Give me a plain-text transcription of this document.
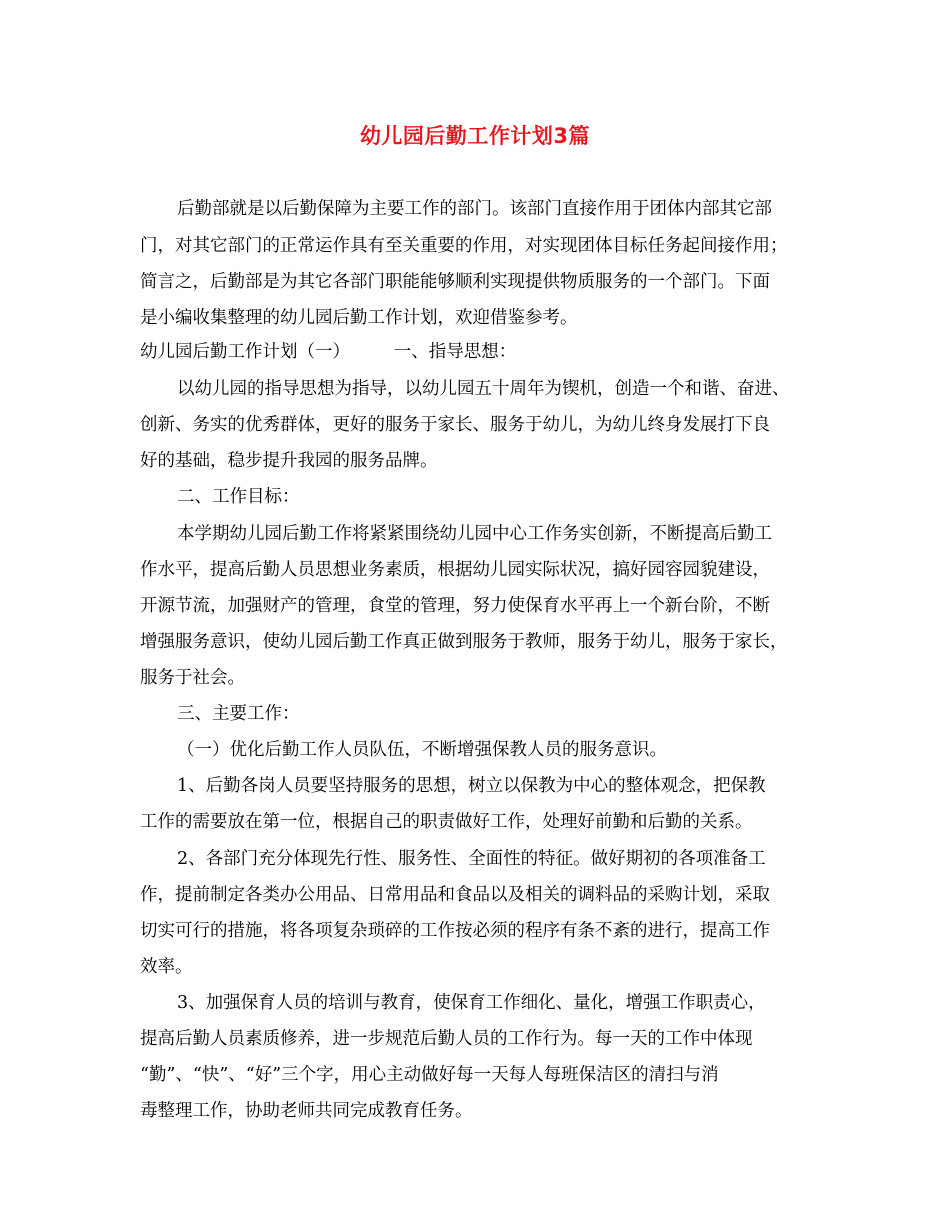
幼儿园后勤工作计划3篇
后勤部就是以后勤保障为主要工作的部门。该部门直接作用于团体内部其它部
门，对其它部门的正常运作具有至关重要的作用，对实现团体目标任务起间接作用；
简言之，后勤部是为其它各部门职能能够顺利实现提供物质服务的一个部门。下面
是小编收集整理的幼儿园后勤工作计划，欢迎借鉴参考。
幼儿园后勤工作计划（一）　　　一、指导思想：
以幼儿园的指导思想为指导，以幼儿园五十周年为锲机，创造一个和谐、奋进、
创新、务实的优秀群体，更好的服务于家长、服务于幼儿，为幼儿终身发展打下良
好的基础，稳步提升我园的服务品牌。
二、工作目标：
本学期幼儿园后勤工作将紧紧围绕幼儿园中心工作务实创新，不断提高后勤工
作水平，提高后勤人员思想业务素质，根据幼儿园实际状况，搞好园容园貌建设，
开源节流，加强财产的管理，食堂的管理，努力使保育水平再上一个新台阶，不断
增强服务意识，使幼儿园后勤工作真正做到服务于教师，服务于幼儿，服务于家长，
服务于社会。
三、主要工作：
（一）优化后勤工作人员队伍，不断增强保教人员的服务意识。
1、后勤各岗人员要坚持服务的思想，树立以保教为中心的整体观念，把保教
工作的需要放在第一位，根据自己的职责做好工作，处理好前勤和后勤的关系。
2、各部门充分体现先行性、服务性、全面性的特征。做好期初的各项准备工
作，提前制定各类办公用品、日常用品和食品以及相关的调料品的采购计划，采取
切实可行的措施，将各项复杂琐碎的工作按必须的程序有条不紊的进行，提高工作
效率。
3、加强保育人员的培训与教育，使保育工作细化、量化，增强工作职责心，
提高后勤人员素质修养，进一步规范后勤人员的工作行为。每一天的工作中体现
“勤”、“快”、“好”三个字，用心主动做好每一天每人每班保洁区的清扫与消
毒整理工作，协助老师共同完成教育任务。
